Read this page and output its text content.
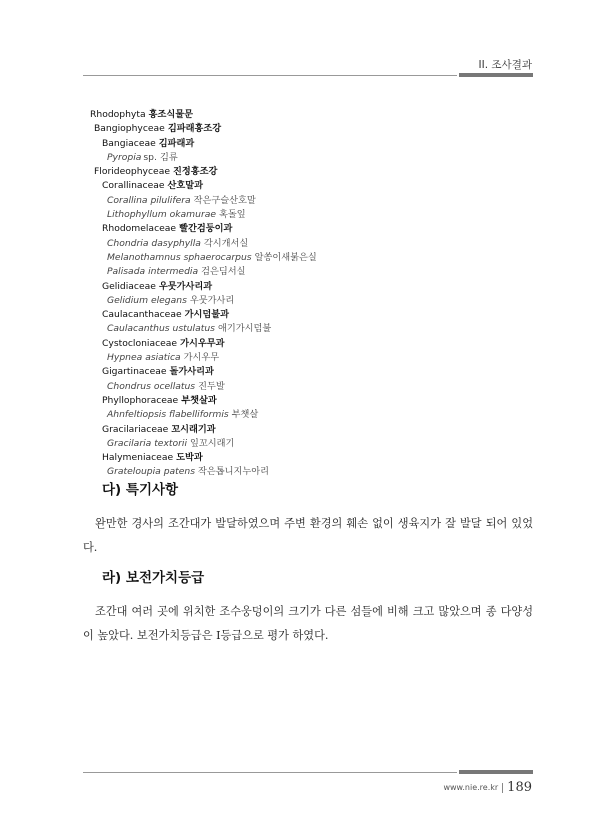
II. 조사결과
Rhodophyta 홍조식물문
Bangiophyceae 김파래홍조강
Bangiaceae 김파래과
Pyropia sp. 김류
Florideophyceae 진정홍조강
Corallinaceae 산호말과
Corallina pilulifera 작은구슬산호말
Lithophyllum okamurae 혹돌잎
Rhodomelaceae 빨간검둥이과
Chondria dasyphylla 각시개서실
Melanothamnus sphaerocarpus 알쏭이새붉은실
Palisada intermedia 검은딤서실
Gelidiaceae 우뭇가사리과
Gelidium elegans 우뭇가사리
Caulacanthaceae 가시덤불과
Caulacanthus ustulatus 애기가시덤불
Cystocloniaceae 가시우무과
Hypnea asiatica 가시우무
Gigartinaceae 돌가사리과
Chondrus ocellatus 진두발
Phyllophoraceae 부챗살과
Ahnfeltiopsis flabelliformis 부챗살
Gracilariaceae 꼬시래기과
Gracilaria textorii 잎꼬시래기
Halymeniaceae 도박과
Grateloupia patens 작은톱니지누아리
다) 특기사항

완만한 경사의 조간대가 발달하였으며 주변 환경의 훼손 없이 생육지가 잘 발달 되어 있었다.

라) 보전가치등급

조간대 여러 곳에 위치한 조수웅덩이의 크기가 다른 섬들에 비해 크고 많았으며 종 다양성이 높았다. 보전가치등급은 Ⅰ등급으로 평가 하였다.

www.nie.re.kr 189
